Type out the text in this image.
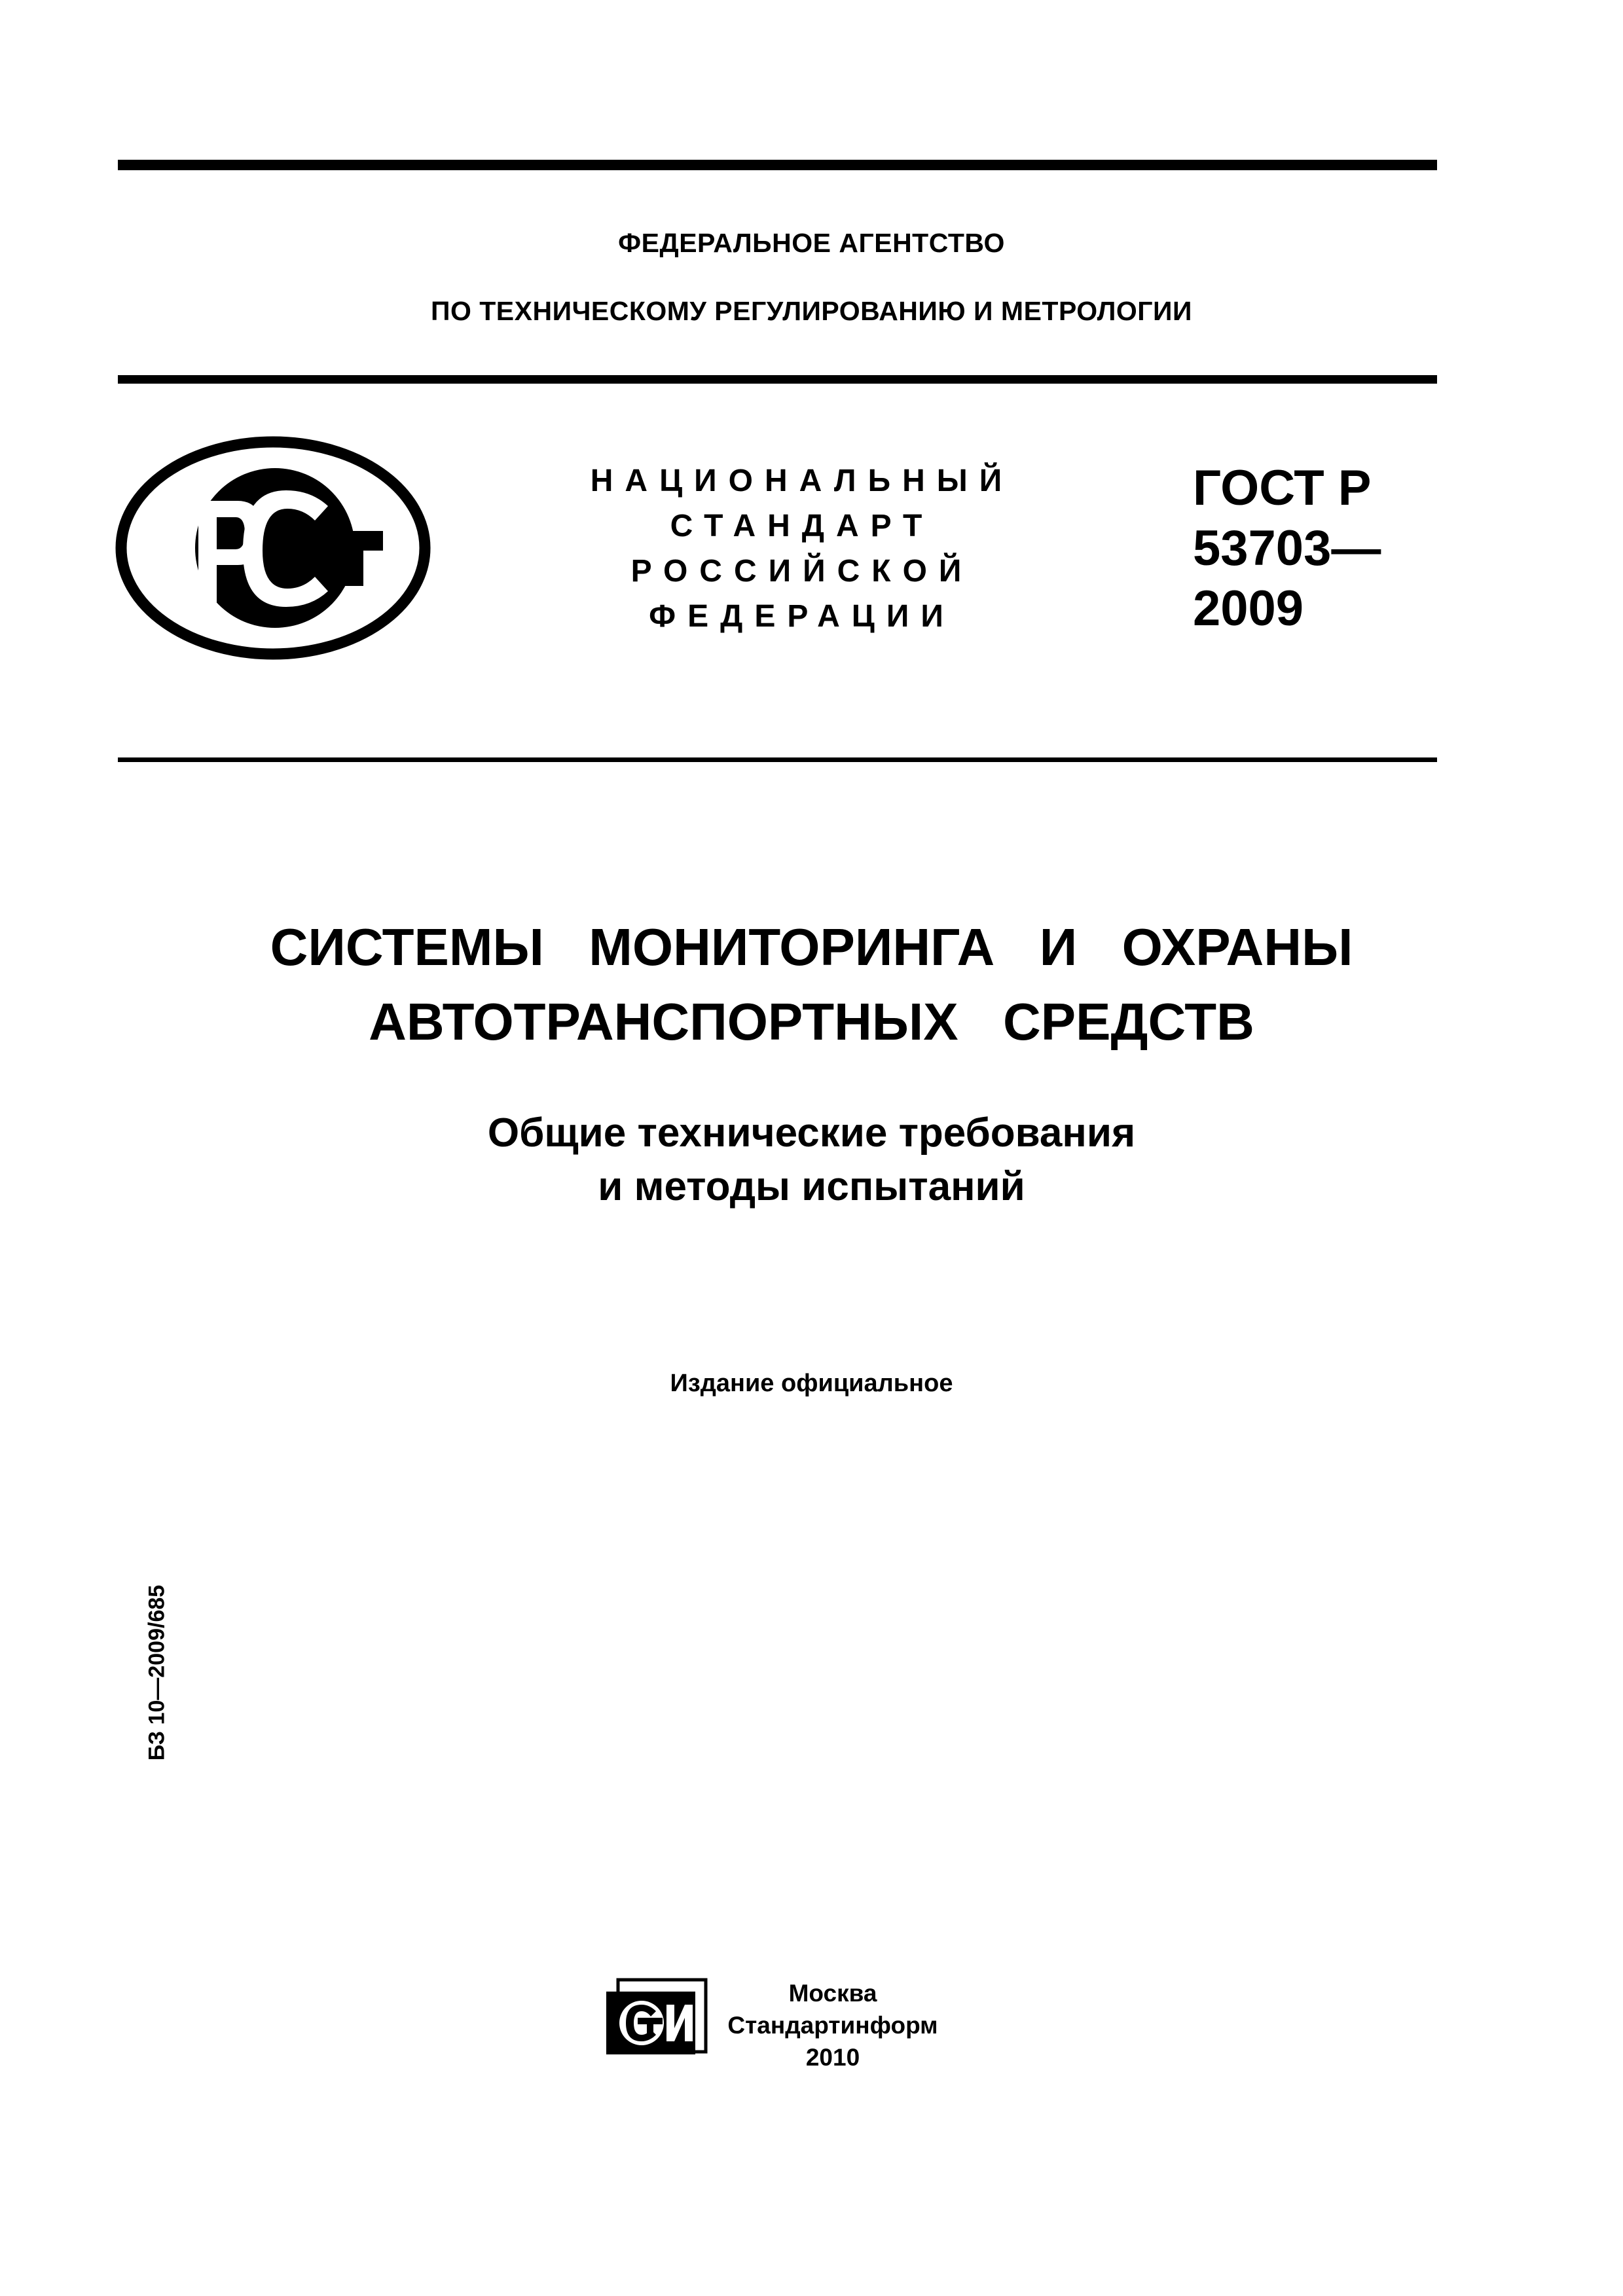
ФЕДЕРАЛЬНОЕ АГЕНТСТВО
ПО ТЕХНИЧЕСКОМУ РЕГУЛИРОВАНИЮ И МЕТРОЛОГИИ
НАЦИОНАЛЬНЫЙ
СТАНДАРТ
РОССИЙСКОЙ
ФЕДЕРАЦИИ
ГОСТ Р
53703—
2009
СИСТЕМЫ  МОНИТОРИНГА  И  ОХРАНЫ
АВТОТРАНСПОРТНЫХ  СРЕДСТВ
Общие технические требования
и методы испытаний
Издание официальное
БЗ 10—2009/685
Москва
Стандартинформ
2010
